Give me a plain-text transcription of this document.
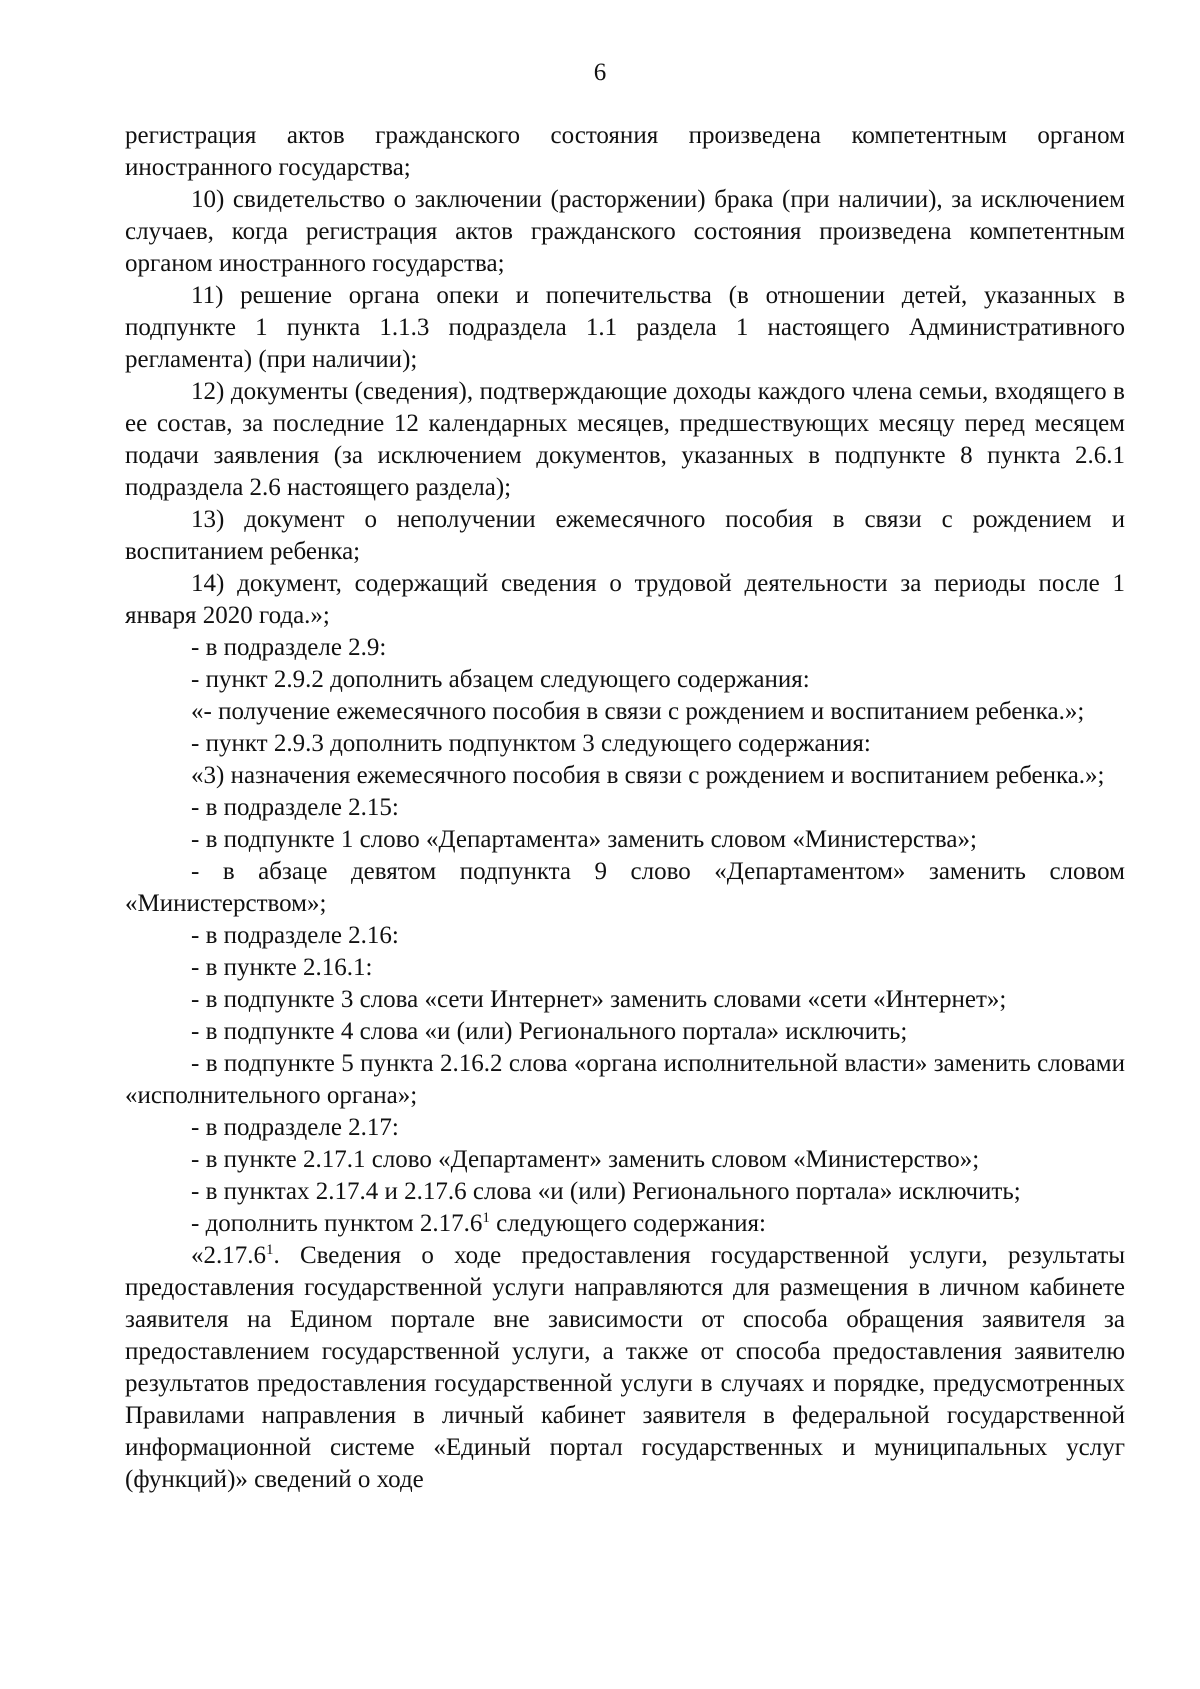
6

регистрация актов гражданского состояния произведена компетентным органом иностранного государства;

10) свидетельство о заключении (расторжении) брака (при наличии), за исключением случаев, когда регистрация актов гражданского состояния произведена компетентным органом иностранного государства;

11) решение органа опеки и попечительства (в отношении детей, указанных в подпункте 1 пункта 1.1.3 подраздела 1.1 раздела 1 настоящего Административного регламента) (при наличии);

12) документы (сведения), подтверждающие доходы каждого члена семьи, входящего в ее состав, за последние 12 календарных месяцев, предшествующих месяцу перед месяцем подачи заявления (за исключением документов, указанных в подпункте 8 пункта 2.6.1 подраздела 2.6 настоящего раздела);

13) документ о неполучении ежемесячного пособия в связи с рождением и воспитанием ребенка;

14) документ, содержащий сведения о трудовой деятельности за периоды после 1 января 2020 года.»;

- в подразделе 2.9:

- пункт 2.9.2 дополнить абзацем следующего содержания:

«- получение ежемесячного пособия в связи с рождением и воспитанием ребенка.»;

- пункт 2.9.3 дополнить подпунктом 3 следующего содержания:

«3) назначения ежемесячного пособия в связи с рождением и воспитанием ребенка.»;

- в подразделе 2.15:

- в подпункте 1 слово «Департамента» заменить словом «Министерства»;

- в абзаце девятом подпункта 9 слово «Департаментом» заменить словом «Министерством»;

- в подразделе 2.16:

- в пункте 2.16.1:

- в подпункте 3 слова «сети Интернет» заменить словами «сети «Интернет»;

- в подпункте 4 слова «и (или) Регионального портала» исключить;

- в подпункте 5 пункта 2.16.2 слова «органа исполнительной власти» заменить словами «исполнительного органа»;

- в подразделе 2.17:

- в пункте 2.17.1 слово «Департамент» заменить словом «Министерство»;

- в пунктах 2.17.4 и 2.17.6 слова «и (или) Регионального портала» исключить;

- дополнить пунктом 2.17.6$^1$ следующего содержания:

«2.17.6$^1$. Сведения о ходе предоставления государственной услуги, результаты предоставления государственной услуги направляются для размещения в личном кабинете заявителя на Едином портале вне зависимости от способа обращения заявителя за предоставлением государственной услуги, а также от способа предоставления заявителю результатов предоставления государственной услуги в случаях и порядке, предусмотренных Правилами направления в личный кабинет заявителя в федеральной государственной информационной системе «Единый портал государственных и муниципальных услуг (функций)» сведений о ходе
